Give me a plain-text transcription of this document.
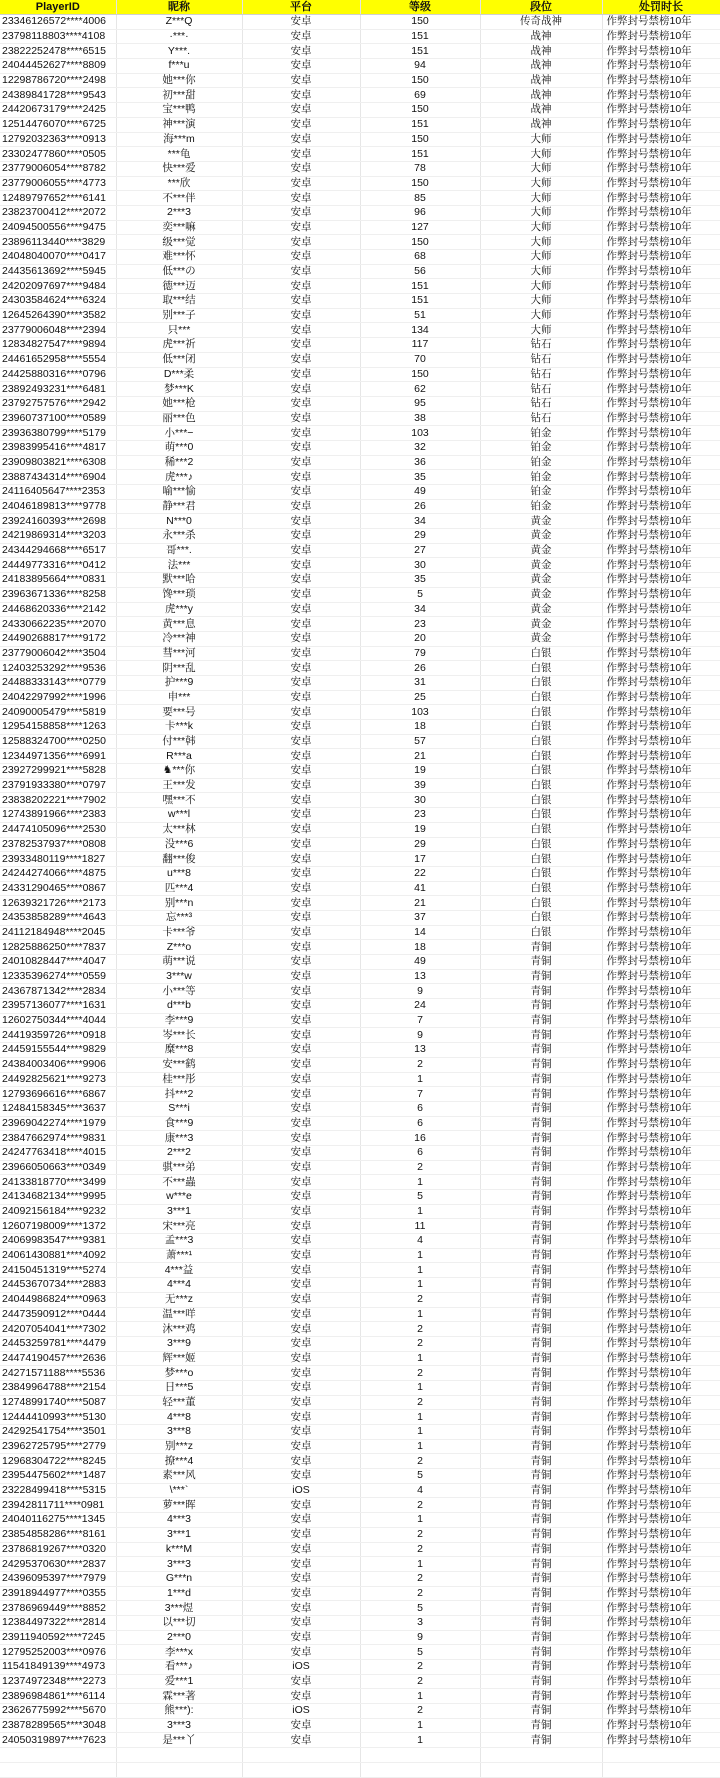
PlayerID	昵称	平台	等级	段位	处罚时长
23346126572****4006	Z***Q	安卓	150	传奇战神	作弊封号禁榜10年
23798118803****4108	·***·	安卓	151	战神	作弊封号禁榜10年
23822252478****6515	Y***.	安卓	151	战神	作弊封号禁榜10年
24044452627****8809	f***u	安卓	94	战神	作弊封号禁榜10年
12298786720****2498	她***你	安卓	150	战神	作弊封号禁榜10年
24389841728****9543	初***甜	安卓	69	战神	作弊封号禁榜10年
24420673179****2425	宝***鸭	安卓	150	战神	作弊封号禁榜10年
12514476070****6725	神***演	安卓	151	战神	作弊封号禁榜10年
12792032363****0913	海***m	安卓	150	大师	作弊封号禁榜10年
23302477860****0505	***龟	安卓	151	大师	作弊封号禁榜10年
23779006054****8782	快***爱	安卓	78	大师	作弊封号禁榜10年
23779006055****4773	***欣	安卓	150	大师	作弊封号禁榜10年
12489797652****6141	不***伴	安卓	85	大师	作弊封号禁榜10年
23823700412****2072	2***3	安卓	96	大师	作弊封号禁榜10年
24094500556****9475	奕***嘛	安卓	127	大师	作弊封号禁榜10年
23896113440****3829	级***觉	安卓	150	大师	作弊封号禁榜10年
24048040070****0417	难***怀	安卓	68	大师	作弊封号禁榜10年
24435613692****5945	低***の	安卓	56	大师	作弊封号禁榜10年
24202097697****9484	德***迈	安卓	151	大师	作弊封号禁榜10年
24303584624****6324	取***结	安卓	151	大师	作弊封号禁榜10年
12645264390****3582	别***子	安卓	51	大师	作弊封号禁榜10年
23779006048****2394	只***	安卓	134	大师	作弊封号禁榜10年
12834827547****9894	虎***祈	安卓	117	钻石	作弊封号禁榜10年
24461652958****5554	低***闭	安卓	70	钻石	作弊封号禁榜10年
24425880316****0796	D***柔	安卓	150	钻石	作弊封号禁榜10年
23892493231****6481	梦***K	安卓	62	钻石	作弊封号禁榜10年
23792757576****2942	她***枪	安卓	95	钻石	作弊封号禁榜10年
23960737100****0589	丽***色	安卓	38	钻石	作弊封号禁榜10年
23936380799****5179	小***−	安卓	103	铂金	作弊封号禁榜10年
23983995416****4817	萌***0	安卓	32	铂金	作弊封号禁榜10年
23909803821****6308	稀***2	安卓	36	铂金	作弊封号禁榜10年
23887434314****6904	虎***♪	安卓	35	铂金	作弊封号禁榜10年
24116405647****2353	喻***愉	安卓	49	铂金	作弊封号禁榜10年
24046189813****9778	静***君	安卓	26	铂金	作弊封号禁榜10年
23924160393****2698	N***0	安卓	34	黄金	作弊封号禁榜10年
24219869314****3203	永***杀	安卓	29	黄金	作弊封号禁榜10年
24344294668****6517	哥***.	安卓	27	黄金	作弊封号禁榜10年
24449773316****0412	法***	安卓	30	黄金	作弊封号禁榜10年
24183895664****0831	默***哈	安卓	35	黄金	作弊封号禁榜10年
23963671336****8258	馋***琐	安卓	5	黄金	作弊封号禁榜10年
24468620336****2142	虎***y	安卓	34	黄金	作弊封号禁榜10年
24330662235****2070	黄***息	安卓	23	黄金	作弊封号禁榜10年
24490268817****9172	冷***神	安卓	20	黄金	作弊封号禁榜10年
23779006042****3504	彗***河	安卓	79	白银	作弊封号禁榜10年
12403253292****9536	阴***乱	安卓	26	白银	作弊封号禁榜10年
24488333143****0779	护***9	安卓	31	白银	作弊封号禁榜10年
24042297992****1996	申***	安卓	25	白银	作弊封号禁榜10年
24090005479****5819	要***号	安卓	103	白银	作弊封号禁榜10年
12954158858****1263	卡***k	安卓	18	白银	作弊封号禁榜10年
12588324700****0250	付***韩	安卓	57	白银	作弊封号禁榜10年
12344971356****6991	R***a	安卓	21	白银	作弊封号禁榜10年
23927299921****5828	♞***你	安卓	19	白银	作弊封号禁榜10年
23791933380****0797	王***发	安卓	39	白银	作弊封号禁榜10年
23838202221****7902	嘿***不	安卓	30	白银	作弊封号禁榜10年
12743891966****2383	w***l	安卓	23	白银	作弊封号禁榜10年
24474105096****2530	太***林	安卓	19	白银	作弊封号禁榜10年
23782537937****0808	没***6	安卓	29	白银	作弊封号禁榜10年
23933480119****1827	翻***俊	安卓	17	白银	作弊封号禁榜10年
24244274066****4875	u***8	安卓	22	白银	作弊封号禁榜10年
24331290465****0867	匹***4	安卓	41	白银	作弊封号禁榜10年
12639321726****2173	别***n	安卓	21	白银	作弊封号禁榜10年
24353858289****4643	忘***³	安卓	37	白银	作弊封号禁榜10年
24112184948****2045	卡***爷	安卓	14	白银	作弊封号禁榜10年
12825886250****7837	Z***o	安卓	18	青铜	作弊封号禁榜10年
24010828447****4047	萌***说	安卓	49	青铜	作弊封号禁榜10年
12335396274****0559	3***w	安卓	13	青铜	作弊封号禁榜10年
24367871342****2834	小***等	安卓	9	青铜	作弊封号禁榜10年
23957136077****1631	d***b	安卓	24	青铜	作弊封号禁榜10年
12602750344****4044	李***9	安卓	7	青铜	作弊封号禁榜10年
24419359726****0918	岑***长	安卓	9	青铜	作弊封号禁榜10年
24459155544****9829	糜***8	安卓	13	青铜	作弊封号禁榜10年
24384003406****9906	安***鹤	安卓	2	青铜	作弊封号禁榜10年
24492825621****9273	桂***彤	安卓	1	青铜	作弊封号禁榜10年
12793696616****6867	抖***2	安卓	7	青铜	作弊封号禁榜10年
12484158345****3637	S***i	安卓	6	青铜	作弊封号禁榜10年
23969042274****1979	食***9	安卓	6	青铜	作弊封号禁榜10年
23847662974****9831	康***3	安卓	16	青铜	作弊封号禁榜10年
24247763418****4015	2***2	安卓	6	青铜	作弊封号禁榜10年
23966050663****0349	骐***弟	安卓	2	青铜	作弊封号禁榜10年
24133818770****3499	不***蟲	安卓	1	青铜	作弊封号禁榜10年
24134682134****9995	w***e	安卓	5	青铜	作弊封号禁榜10年
24092156184****9232	3***1	安卓	1	青铜	作弊封号禁榜10年
12607198009****1372	宋***亮	安卓	11	青铜	作弊封号禁榜10年
24069983547****9381	孟***3	安卓	4	青铜	作弊封号禁榜10年
24061430881****4092	萧***¹	安卓	1	青铜	作弊封号禁榜10年
24150451319****5274	4***益	安卓	1	青铜	作弊封号禁榜10年
24453670734****2883	4***4	安卓	1	青铜	作弊封号禁榜10年
24044986824****0963	无***z	安卓	2	青铜	作弊封号禁榜10年
24473590912****0444	温***咩	安卓	1	青铜	作弊封号禁榜10年
24207054041****7302	沐***鸡	安卓	2	青铜	作弊封号禁榜10年
24453259781****4479	3***9	安卓	2	青铜	作弊封号禁榜10年
24474190457****2636	辉***姬	安卓	1	青铜	作弊封号禁榜10年
24271571188****5536	梦***o	安卓	2	青铜	作弊封号禁榜10年
23849964788****2154	日***5	安卓	1	青铜	作弊封号禁榜10年
12748991740****5087	轻***董	安卓	2	青铜	作弊封号禁榜10年
12444410993****5130	4***8	安卓	1	青铜	作弊封号禁榜10年
24292541754****3501	3***8	安卓	1	青铜	作弊封号禁榜10年
23962725795****2779	别***z	安卓	1	青铜	作弊封号禁榜10年
12968304722****8245	撩***4	安卓	2	青铜	作弊封号禁榜10年
23954475602****1487	素***风	安卓	5	青铜	作弊封号禁榜10年
23228499418****5315	\***`	iOS	4	青铜	作弊封号禁榜10年
23942811711****0981	萝***晖	安卓	2	青铜	作弊封号禁榜10年
24040116275****1345	4***3	安卓	1	青铜	作弊封号禁榜10年
23854858286****8161	3***1	安卓	2	青铜	作弊封号禁榜10年
23786819267****0320	k***M	安卓	2	青铜	作弊封号禁榜10年
24295370630****2837	3***3	安卓	1	青铜	作弊封号禁榜10年
24396095397****7979	G***n	安卓	2	青铜	作弊封号禁榜10年
23918944977****0355	1***d	安卓	2	青铜	作弊封号禁榜10年
23786969449****8852	3***煜	安卓	5	青铜	作弊封号禁榜10年
12384497322****2814	以***切	安卓	3	青铜	作弊封号禁榜10年
23911940592****7245	2***0	安卓	9	青铜	作弊封号禁榜10年
12795252003****0976	李***x	安卓	5	青铜	作弊封号禁榜10年
11541849139****4973	看***♪	iOS	2	青铜	作弊封号禁榜10年
12374972348****2273	爱***1	安卓	2	青铜	作弊封号禁榜10年
23896984861****6114	霖***著	安卓	1	青铜	作弊封号禁榜10年
23626775992****5670	熊***):	iOS	2	青铜	作弊封号禁榜10年
23878289565****3048	3***3	安卓	1	青铜	作弊封号禁榜10年
24050319897****7623	是***丫	安卓	1	青铜	作弊封号禁榜10年
